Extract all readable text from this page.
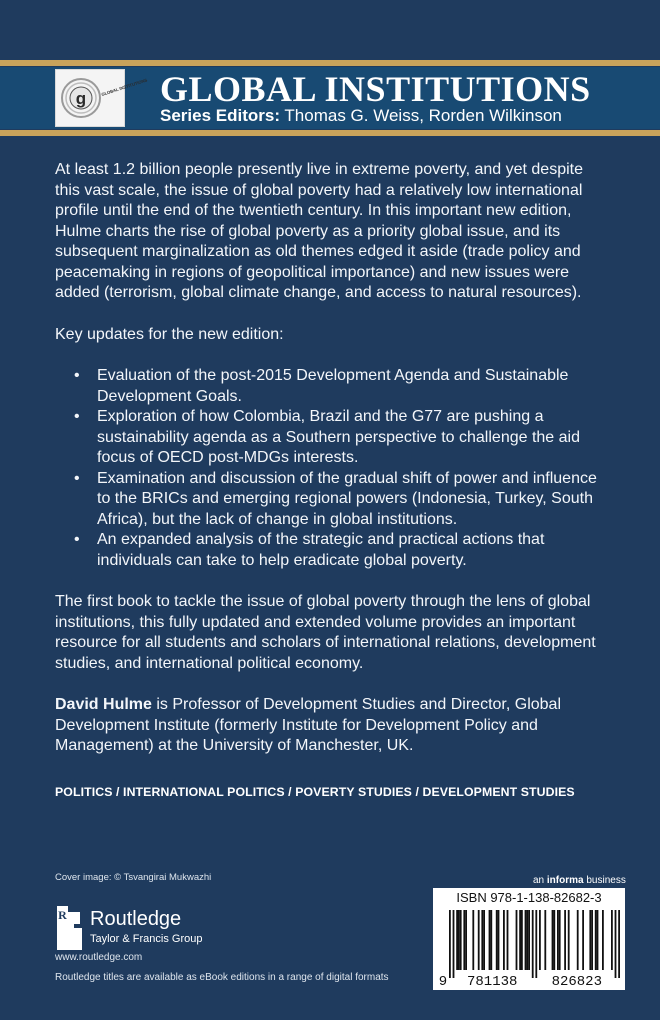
g
GLOBAL INSTITUTIONS GLOBAL INSTITUTIONS
Series Editors: Thomas G. Weiss, Rorden Wilkinson

At least 1.2 billion people presently live in extreme poverty, and yet despite this vast scale, the issue of global poverty had a relatively low international profile until the end of the twentieth century. In this important new edition, Hulme charts the rise of global poverty as a priority global issue, and its subsequent marginalization as old themes edged it aside (trade policy and peacemaking in regions of geopolitical importance) and new issues were added (terrorism, global climate change, and access to natural resources).

Key updates for the new edition:

• Evaluation of the post-2015 Development Agenda and Sustainable Development Goals.
• Exploration of how Colombia, Brazil and the G77 are pushing a sustainability agenda as a Southern perspective to challenge the aid focus of OECD post-MDGs interests.
• Examination and discussion of the gradual shift of power and influence to the BRICs and emerging regional powers (Indonesia, Turkey, South Africa), but the lack of change in global institutions.
• An expanded analysis of the strategic and practical actions that individuals can take to help eradicate global poverty.

The first book to tackle the issue of global poverty through the lens of global institutions, this fully updated and extended volume provides an important resource for all students and scholars of international relations, development studies, and international political economy.

David Hulme is Professor of Development Studies and Director, Global Development Institute (formerly Institute for Development Policy and Management) at the University of Manchester, UK.

POLITICS / INTERNATIONAL POLITICS / POVERTY STUDIES / DEVELOPMENT STUDIES
Cover image: © Tsvangirai Mukwazhi	an informa business
R Routledge
Taylor & Francis Group
www.routledge.com
Routledge titles are available as eBook editions in a range of digital formats
ISBN 978-1-138-82682-3
9 781138 826823
